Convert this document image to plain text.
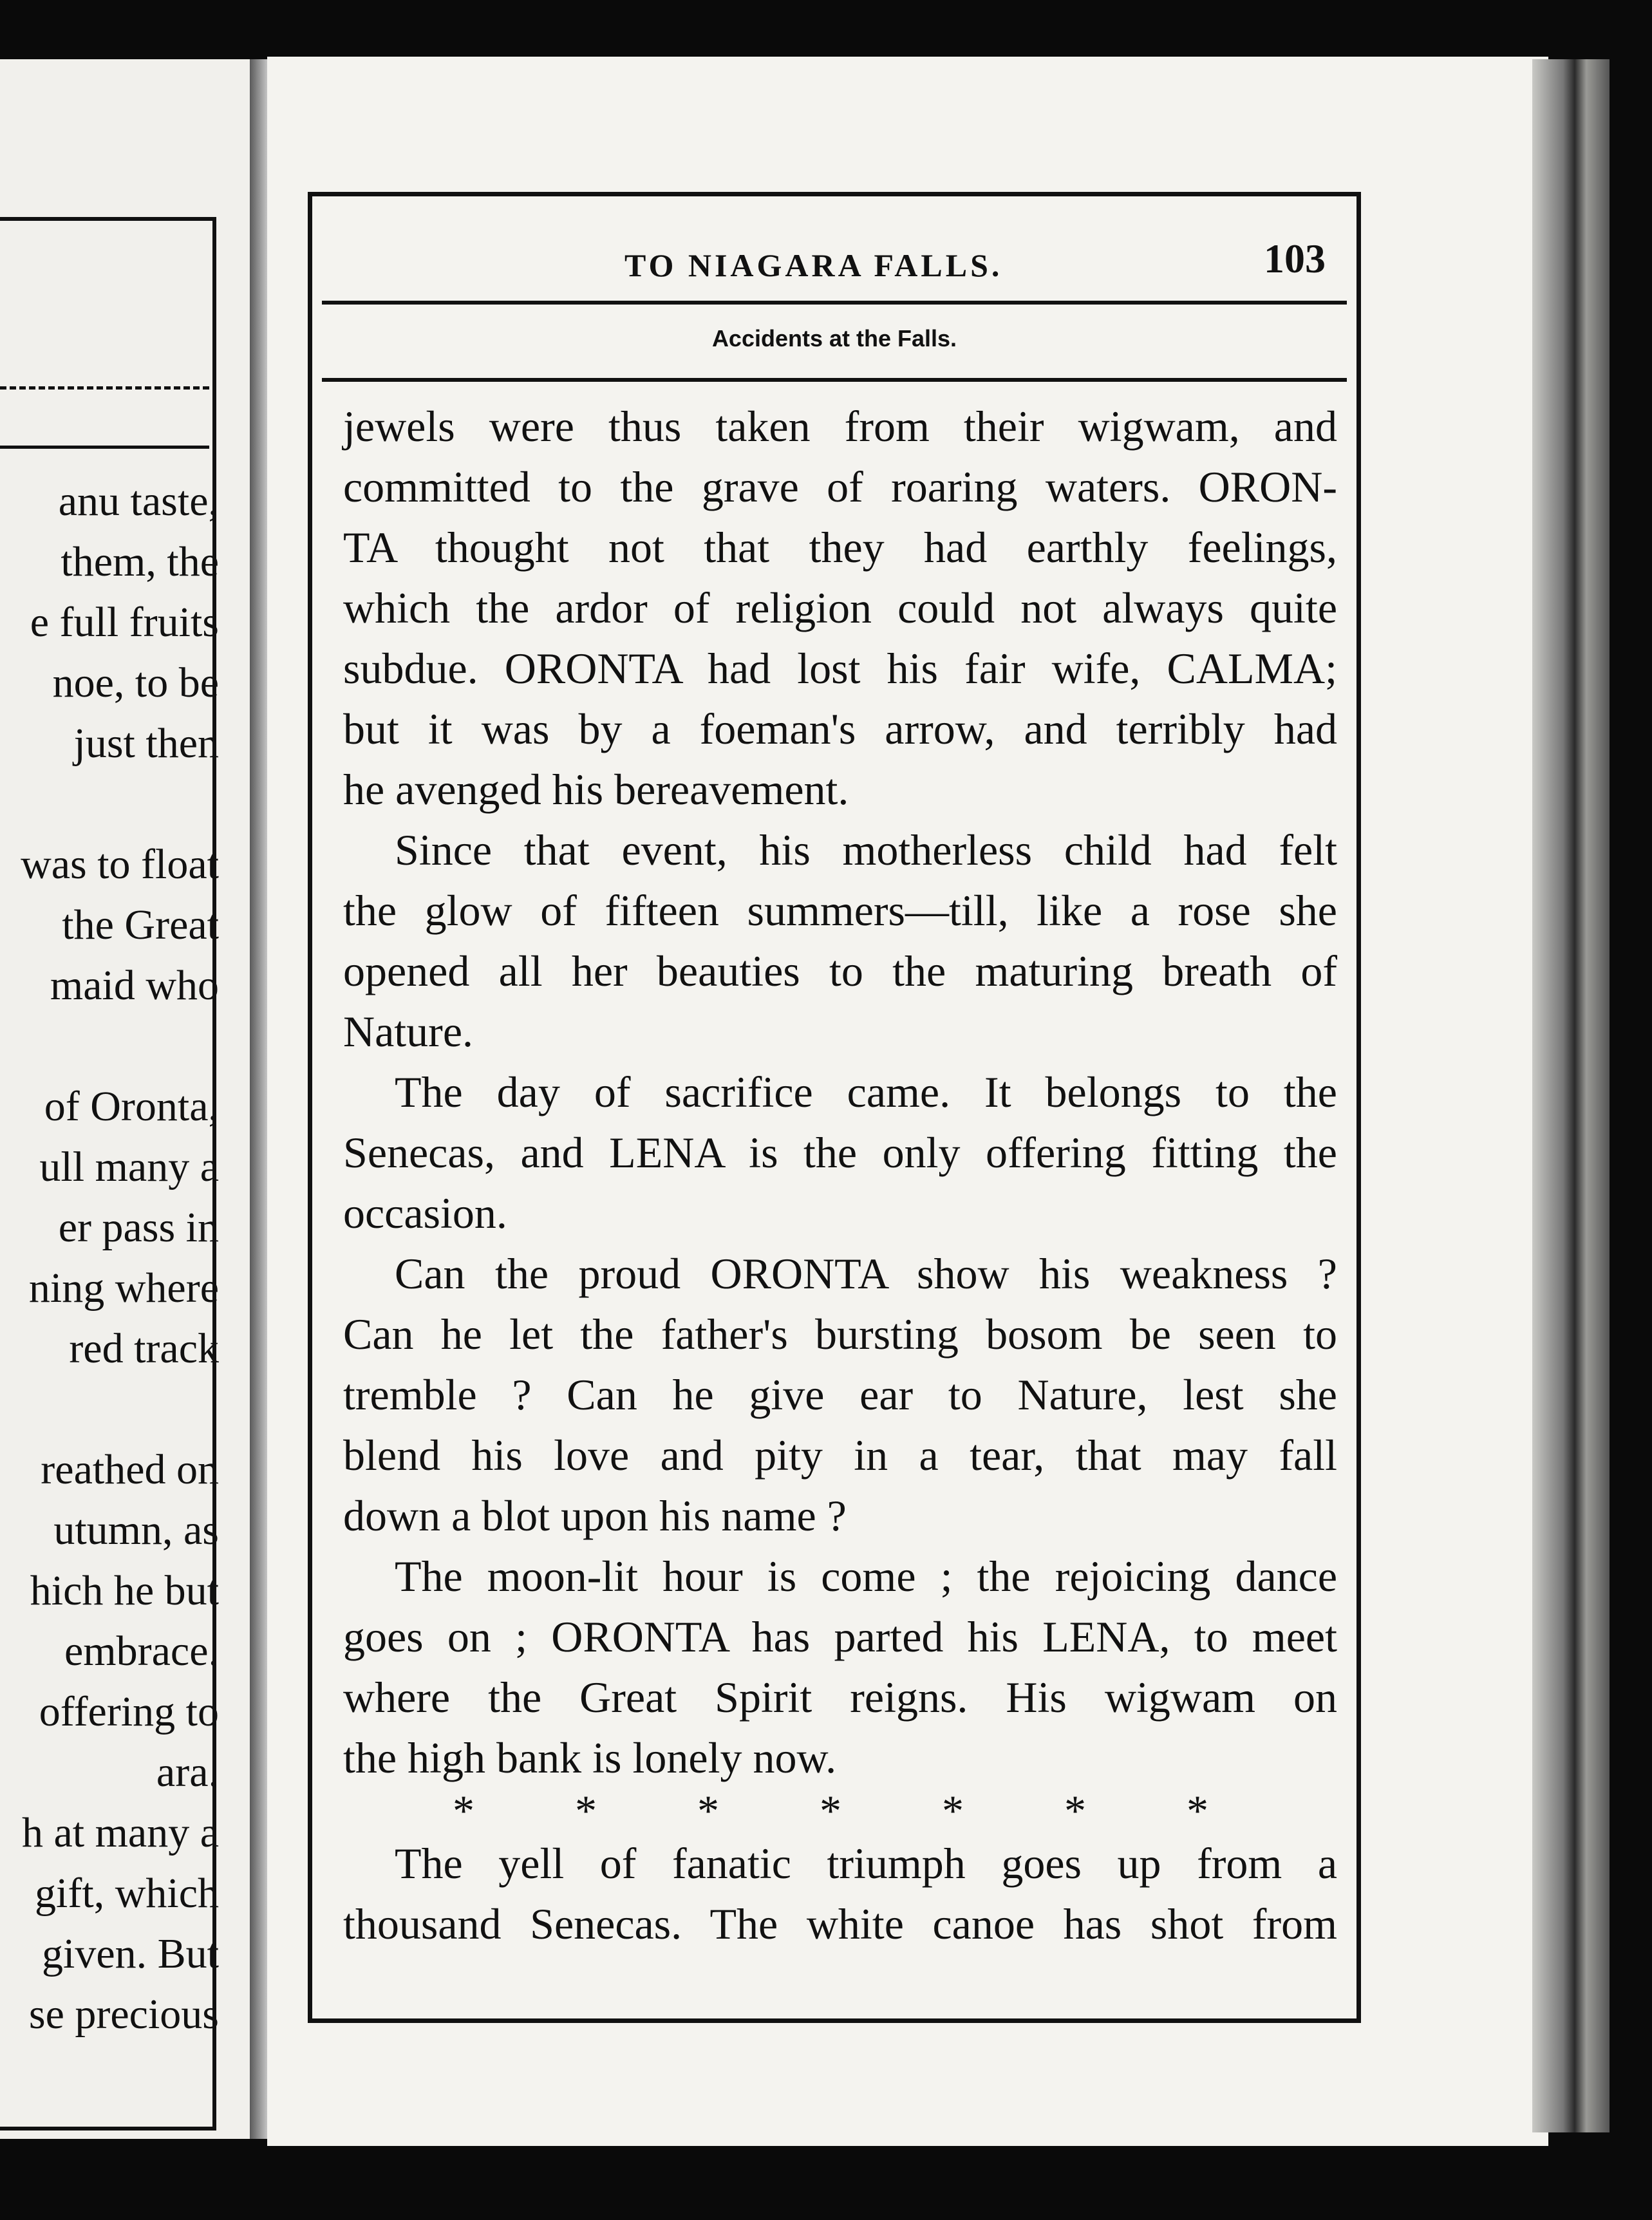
anu taste,
them, the
e full fruits
noe, to be
just then
was to float
the Great
maid who
of Oronta,
ull many a
er pass in
ning where
red track
reathed on
utumn, as
hich he but
embrace.
offering to
ara.
h at many a
gift, which
given. But
se precious
TO NIAGARA FALLS.	103
Accidents at the Falls.
jewels were thus taken from their wigwam, and
committed to the grave of roaring waters. ORON-
TA thought not that they had earthly feelings,
which the ardor of religion could not always quite
subdue. ORONTA had lost his fair wife, CALMA;
but it was by a foeman's arrow, and terribly had
he avenged his bereavement.
Since that event, his motherless child had felt
the glow of fifteen summers—till, like a rose she
opened all her beauties to the maturing breath of
Nature.
The day of sacrifice came. It belongs to the
Senecas, and LENA is the only offering fitting the
occasion.
Can the proud ORONTA show his weakness ?
Can he let the father's bursting bosom be seen to
tremble ? Can he give ear to Nature, lest she
blend his love and pity in a tear, that may fall
down a blot upon his name ?
The moon-lit hour is come ; the rejoicing dance
goes on ; ORONTA has parted his LENA, to meet
where the Great Spirit reigns. His wigwam on
the high bank is lonely now.
* * * * * * *
The yell of fanatic triumph goes up from a
thousand Senecas. The white canoe has shot from
